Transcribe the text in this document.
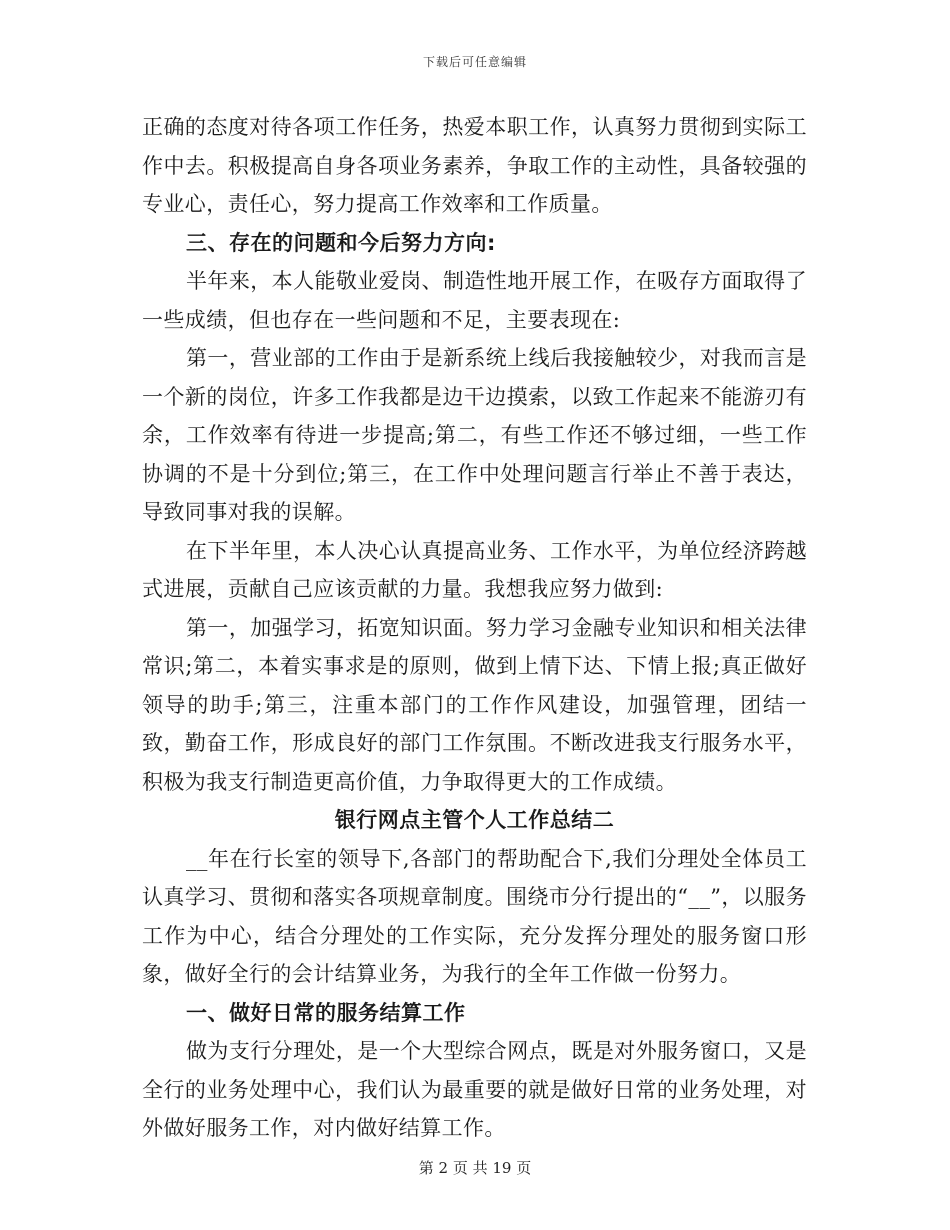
下载后可任意编辑

正确的态度对待各项工作任务，热爱本职工作，认真努力贯彻到实际工作中去。积极提高自身各项业务素养，争取工作的主动性，具备较强的专业心，责任心，努力提高工作效率和工作质量。

三、存在的问题和今后努力方向:

半年来，本人能敬业爱岗、制造性地开展工作，在吸存方面取得了一些成绩，但也存在一些问题和不足，主要表现在:

第一，营业部的工作由于是新系统上线后我接触较少，对我而言是一个新的岗位，许多工作我都是边干边摸索，以致工作起来不能游刃有余，工作效率有待进一步提高;第二，有些工作还不够过细，一些工作协调的不是十分到位;第三，在工作中处理问题言行举止不善于表达，导致同事对我的误解。

在下半年里，本人决心认真提高业务、工作水平，为单位经济跨越式进展，贡献自己应该贡献的力量。我想我应努力做到:

第一，加强学习，拓宽知识面。努力学习金融专业知识和相关法律常识;第二，本着实事求是的原则，做到上情下达、下情上报;真正做好领导的助手;第三，注重本部门的工作作风建设，加强管理，团结一致，勤奋工作，形成良好的部门工作氛围。不断改进我支行服务水平，积极为我支行制造更高价值，力争取得更大的工作成绩。

银行网点主管个人工作总结二

__年在行长室的领导下,各部门的帮助配合下,我们分理处全体员工认真学习、贯彻和落实各项规章制度。围绕市分行提出的“__”，以服务工作为中心，结合分理处的工作实际，充分发挥分理处的服务窗口形象，做好全行的会计结算业务，为我行的全年工作做一份努力。

一、做好日常的服务结算工作

做为支行分理处，是一个大型综合网点，既是对外服务窗口，又是全行的业务处理中心，我们认为最重要的就是做好日常的业务处理，对外做好服务工作，对内做好结算工作。

第 2 页 共 19 页
